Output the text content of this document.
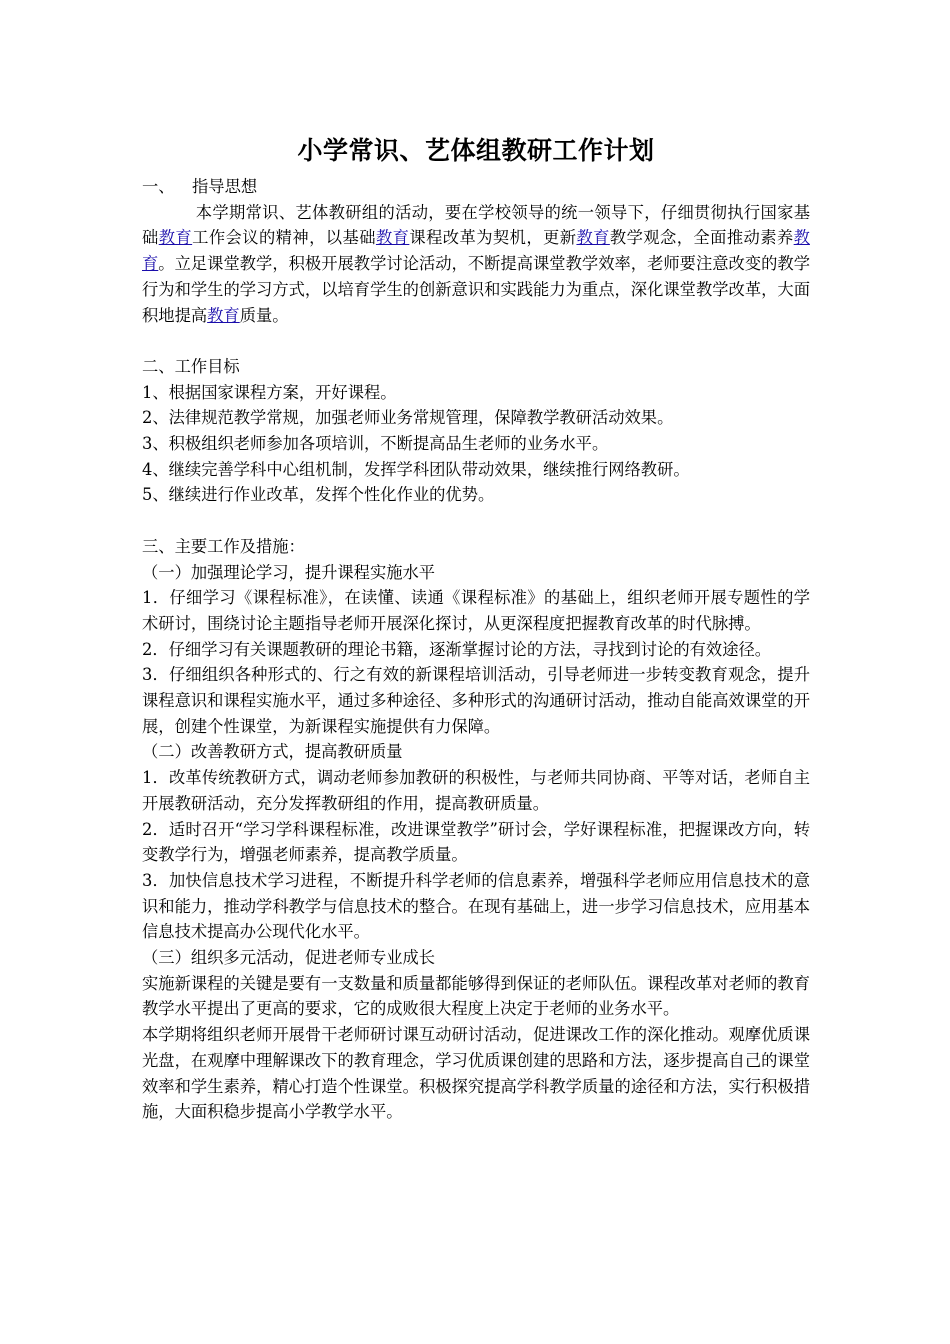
小学常识、艺体组教研工作计划

一、 指导思想

本学期常识、艺体教研组的活动，要在学校领导的统一领导下，仔细贯彻执行国家基础教育工作会议的精神，以基础教育课程改革为契机，更新教育教学观念，全面推动素养教育。立足课堂教学，积极开展教学讨论活动，不断提高课堂教学效率，老师要注意改变的教学行为和学生的学习方式，以培育学生的创新意识和实践能力为重点，深化课堂教学改革，大面积地提高教育质量。

二、工作目标

1、根据国家课程方案，开好课程。

2、法律规范教学常规，加强老师业务常规管理，保障教学教研活动效果。

3、积极组织老师参加各项培训，不断提高品生老师的业务水平。

4、继续完善学科中心组机制，发挥学科团队带动效果，继续推行网络教研。

5、继续进行作业改革，发挥个性化作业的优势。

三、主要工作及措施：

（一）加强理论学习，提升课程实施水平

1．仔细学习《课程标准》，在读懂、读通《课程标准》的基础上，组织老师开展专题性的学术研讨，围绕讨论主题指导老师开展深化探讨，从更深程度把握教育改革的时代脉搏。

2．仔细学习有关课题教研的理论书籍，逐渐掌握讨论的方法，寻找到讨论的有效途径。

3．仔细组织各种形式的、行之有效的新课程培训活动，引导老师进一步转变教育观念，提升课程意识和课程实施水平，通过多种途径、多种形式的沟通研讨活动，推动自能高效课堂的开展，创建个性课堂，为新课程实施提供有力保障。

（二）改善教研方式，提高教研质量

1．改革传统教研方式，调动老师参加教研的积极性，与老师共同协商、平等对话，老师自主开展教研活动，充分发挥教研组的作用，提高教研质量。

2．适时召开“学习学科课程标准，改进课堂教学”研讨会，学好课程标准，把握课改方向，转变教学行为，增强老师素养，提高教学质量。

3．加快信息技术学习进程，不断提升科学老师的信息素养，增强科学老师应用信息技术的意识和能力，推动学科教学与信息技术的整合。在现有基础上，进一步学习信息技术，应用基本信息技术提高办公现代化水平。

（三）组织多元活动，促进老师专业成长

实施新课程的关键是要有一支数量和质量都能够得到保证的老师队伍。课程改革对老师的教育教学水平提出了更高的要求，它的成败很大程度上决定于老师的业务水平。

本学期将组织老师开展骨干老师研讨课互动研讨活动，促进课改工作的深化推动。观摩优质课光盘，在观摩中理解课改下的教育理念，学习优质课创建的思路和方法，逐步提高自己的课堂效率和学生素养，精心打造个性课堂。积极探究提高学科教学质量的途径和方法，实行积极措施，大面积稳步提高小学教学水平。
